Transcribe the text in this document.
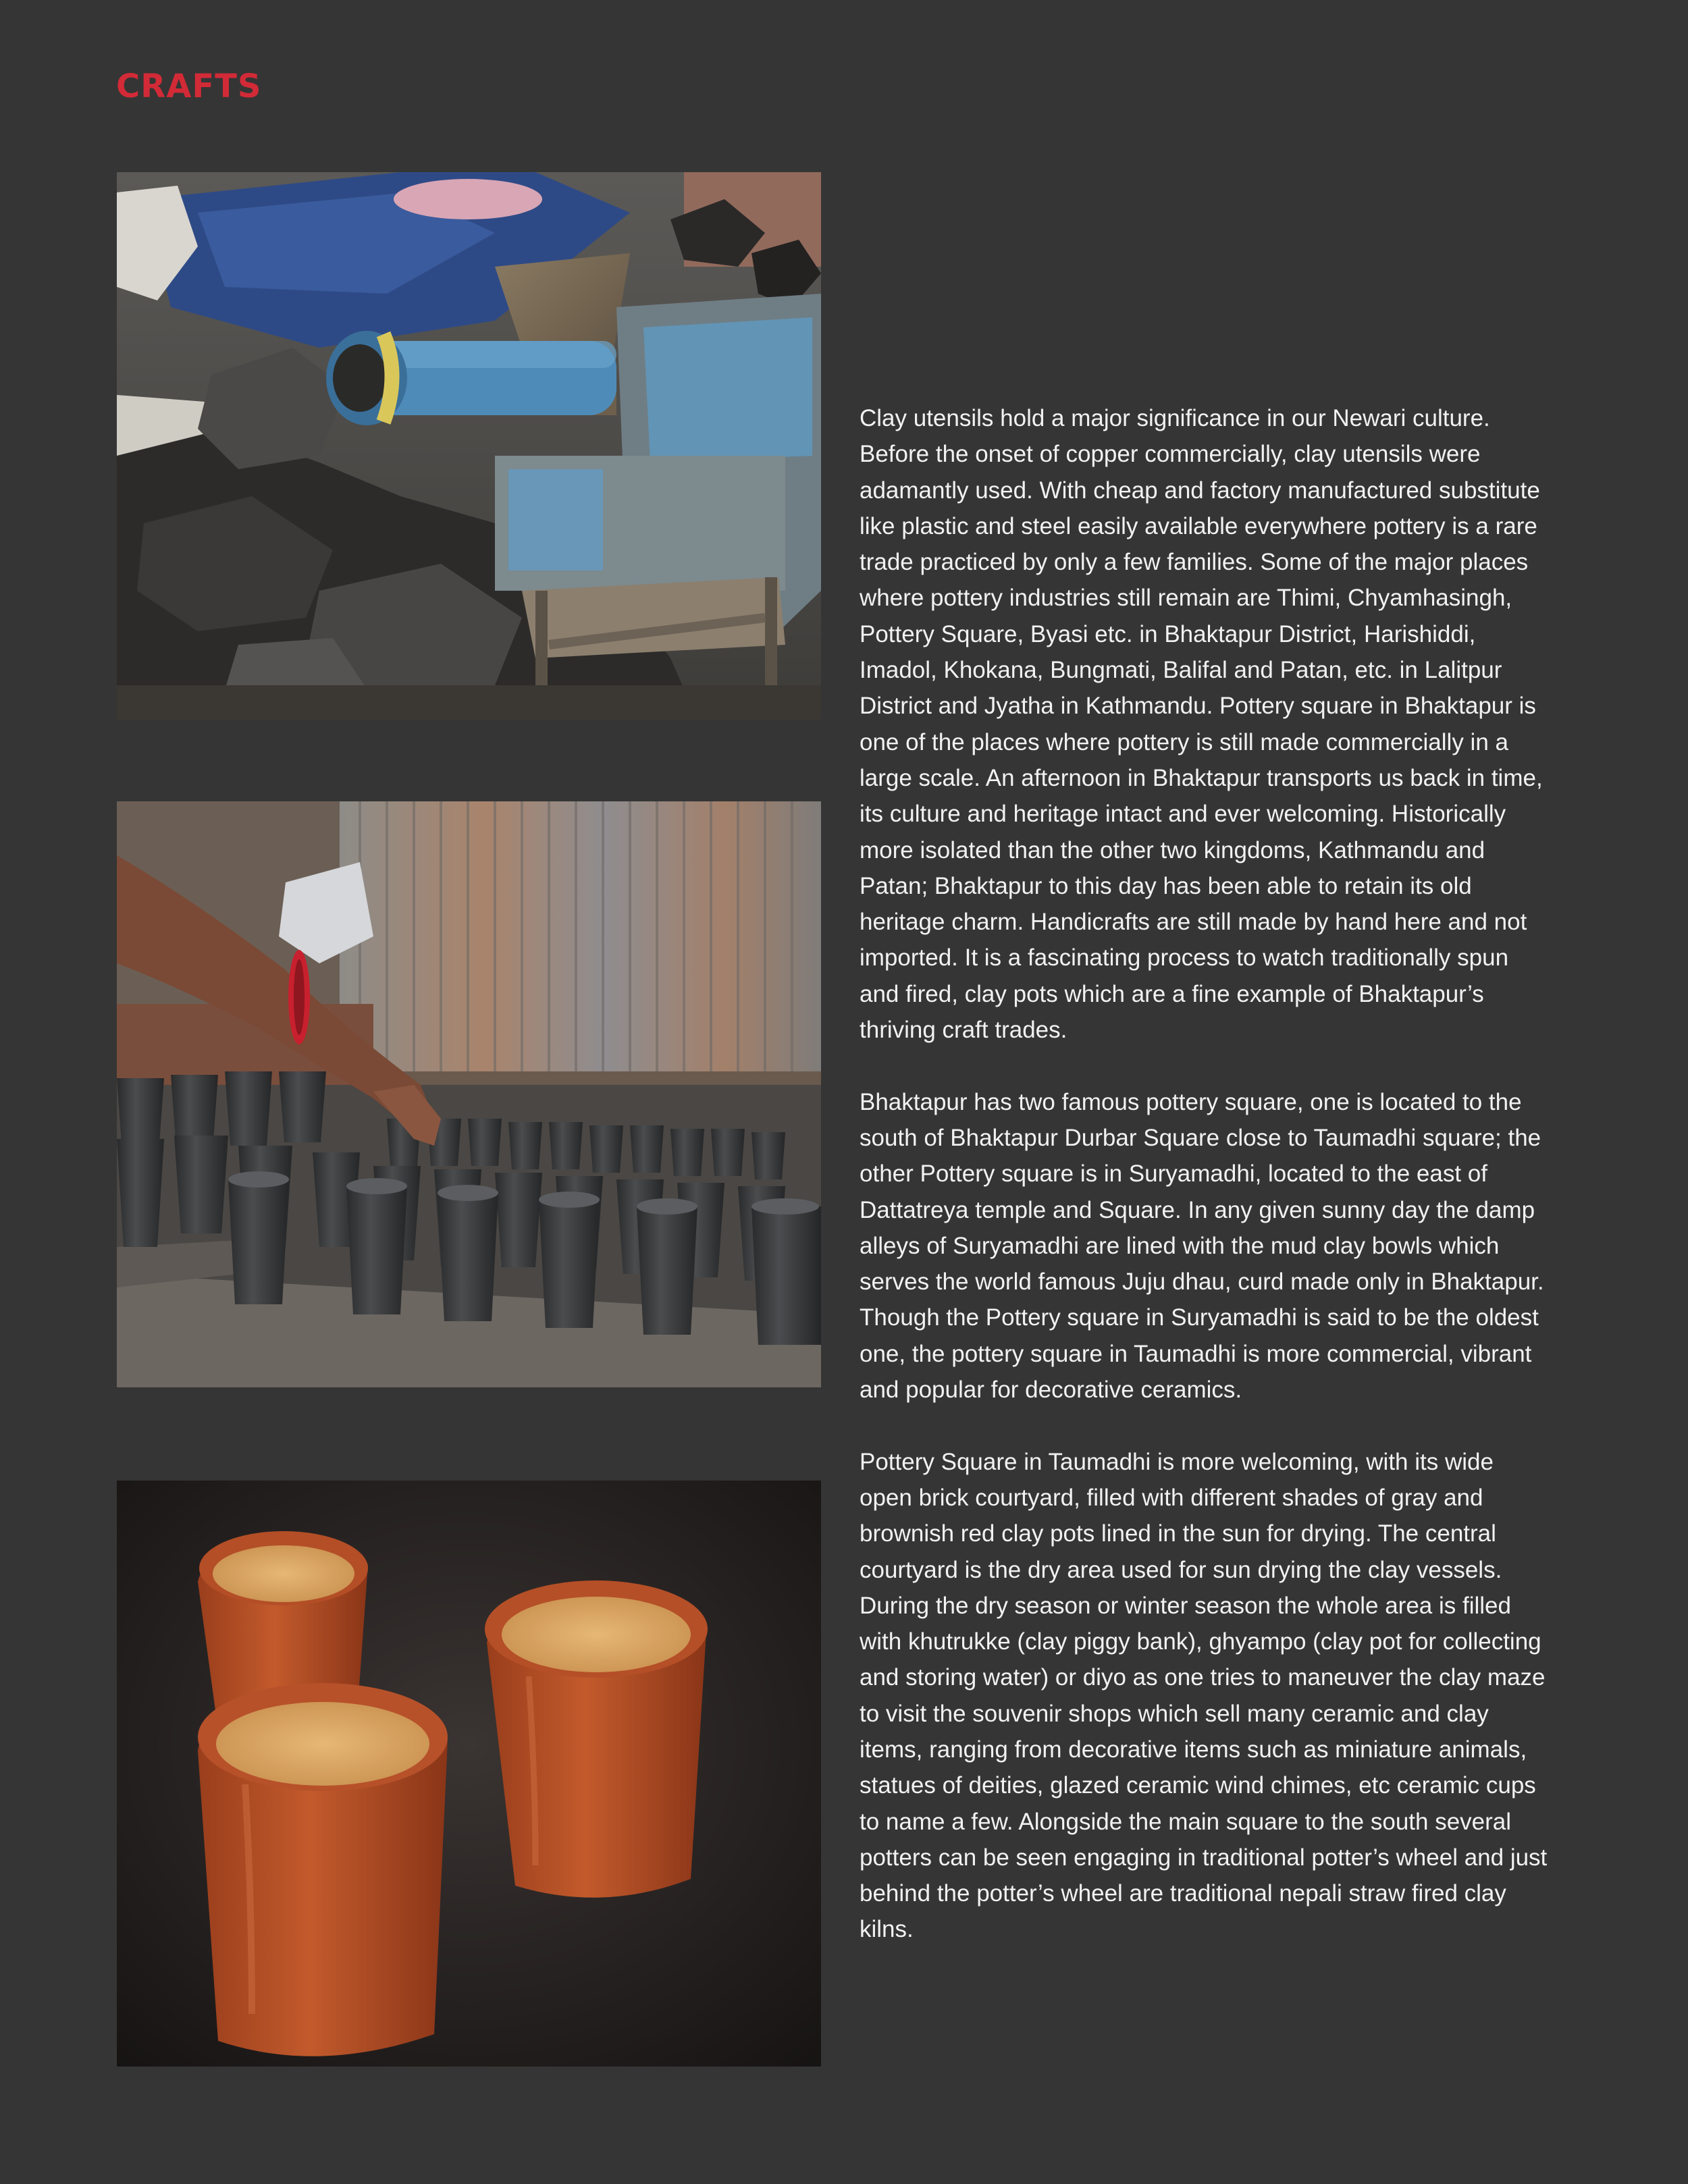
CRAFTS

Clay utensils hold a major significance in our Newari culture. Before the onset of copper commercially, clay utensils were adamantly used. With cheap and factory manufactured substitute like plastic and steel easily available everywhere pottery is a rare trade practiced by only a few families. Some of the major places where pottery industries still remain are Thimi, Chyamhasingh, Pottery Square, Byasi etc. in Bhaktapur District, Harishiddi, Imadol, Khokana, Bungmati, Balifal and Patan, etc. in Lalitpur District and Jyatha in Kathmandu. Pottery square in Bhaktapur is one of the places where pottery is still made commercially in a large scale. An afternoon in Bhaktapur transports us back in time, its culture and heritage intact and ever welcoming. Historically more isolated than the other two kingdoms, Kathmandu and Patan; Bhaktapur to this day has been able to retain its old heritage charm. Handicrafts are still made by hand here and not imported. It is a fascinating process to watch traditionally spun and fired, clay pots which are a fine example of Bhaktapur’s thriving craft trades.

Bhaktapur has two famous pottery square, one is located to the south of Bhaktapur Durbar Square close to Taumadhi square; the other Pottery square is in Suryamadhi, located to the east of Dattatreya temple and Square. In any given sunny day the damp alleys of Suryamadhi are lined with the mud clay bowls which serves the world famous Juju dhau, curd made only in Bhaktapur. Though the Pottery square in Suryamadhi is said to be the oldest one, the pottery square in Taumadhi is more commercial, vibrant and popular for decorative ceramics.

Pottery Square in Taumadhi is more welcoming, with its wide open brick courtyard, filled with different shades of gray and brownish red clay pots lined in the sun for drying. The central courtyard is the dry area used for sun drying the clay vessels. During the dry season or winter season the whole area is filled with khutrukke (clay piggy bank), ghyampo (clay pot for collecting and storing water) or diyo as one tries to maneuver the clay maze to visit the souvenir shops which sell many ceramic and clay items, ranging from decorative items such as miniature animals, statues of deities, glazed ceramic wind chimes, etc ceramic cups to name a few. Alongside the main square to the south several potters can be seen engaging in traditional potter’s wheel and just behind the potter’s wheel are traditional nepali straw fired clay kilns.
